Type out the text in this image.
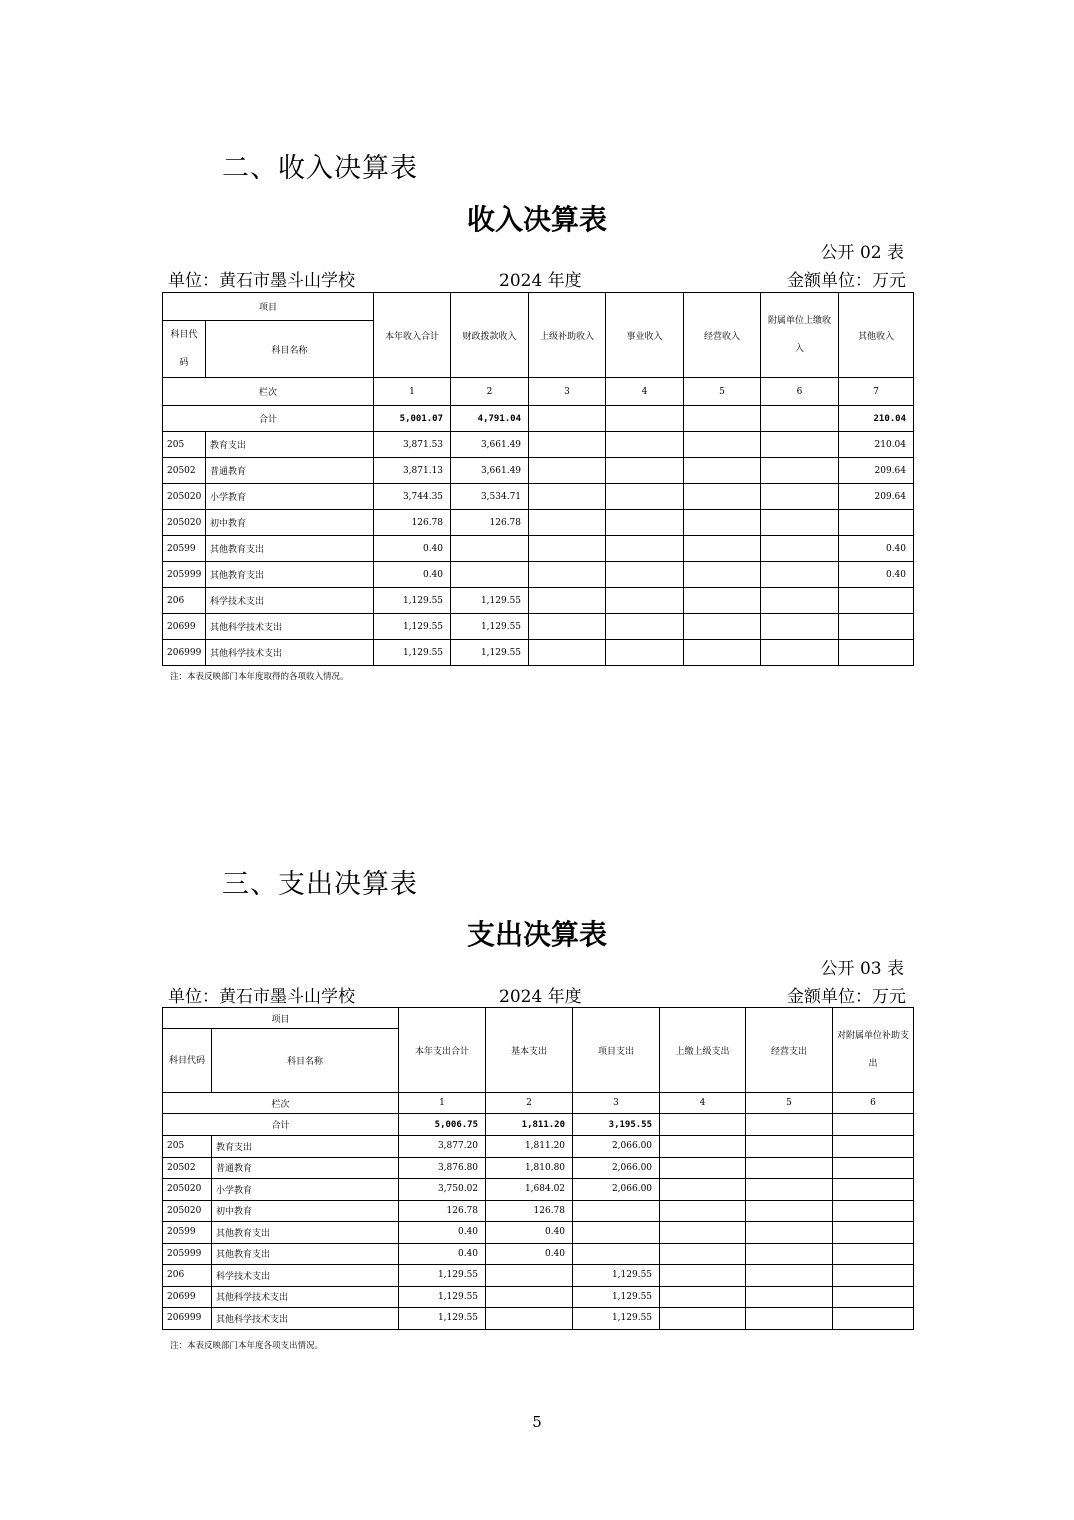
二、收入决算表
收入决算表
公开 02 表
单位：黄石市墨斗山学校	2024 年度	金额单位：万元
项目		本年收入合计	财政拨款收入	上级补助收入	事业收入	经营收入	附属单位上缴收入	其他收入
科目代码	科目名称							
栏次		1	2	3	4	5	6	7
合计		5,001.07	4,791.04					210.04
205	教育支出	3,871.53	3,661.49					210.04
20502	普通教育	3,871.13	3,661.49					209.64
205020	小学教育	3,744.35	3,534.71					209.64
205020	初中教育	126.78	126.78					
20599	其他教育支出	0.40						0.40
205999	其他教育支出	0.40						0.40
206	科学技术支出	1,129.55	1,129.55					
20699	其他科学技术支出	1,129.55	1,129.55					
206999	其他科学技术支出	1,129.55	1,129.55					
注：本表反映部门本年度取得的各项收入情况。
三、支出决算表
支出决算表
公开 03 表
单位：黄石市墨斗山学校	2024 年度	金额单位：万元
项目		本年支出合计	基本支出	项目支出	上缴上级支出	经营支出	对附属单位补助支出
科目代码	科目名称						
栏次		1	2	3	4	5	6
合计		5,006.75	1,811.20	3,195.55			
205	教育支出	3,877.20	1,811.20	2,066.00			
20502	普通教育	3,876.80	1,810.80	2,066.00			
205020	小学教育	3,750.02	1,684.02	2,066.00			
205020	初中教育	126.78	126.78				
20599	其他教育支出	0.40	0.40				
205999	其他教育支出	0.40	0.40				
206	科学技术支出	1,129.55		1,129.55			
20699	其他科学技术支出	1,129.55		1,129.55			
206999	其他科学技术支出	1,129.55		1,129.55			
注：本表反映部门本年度各项支出情况。
5
